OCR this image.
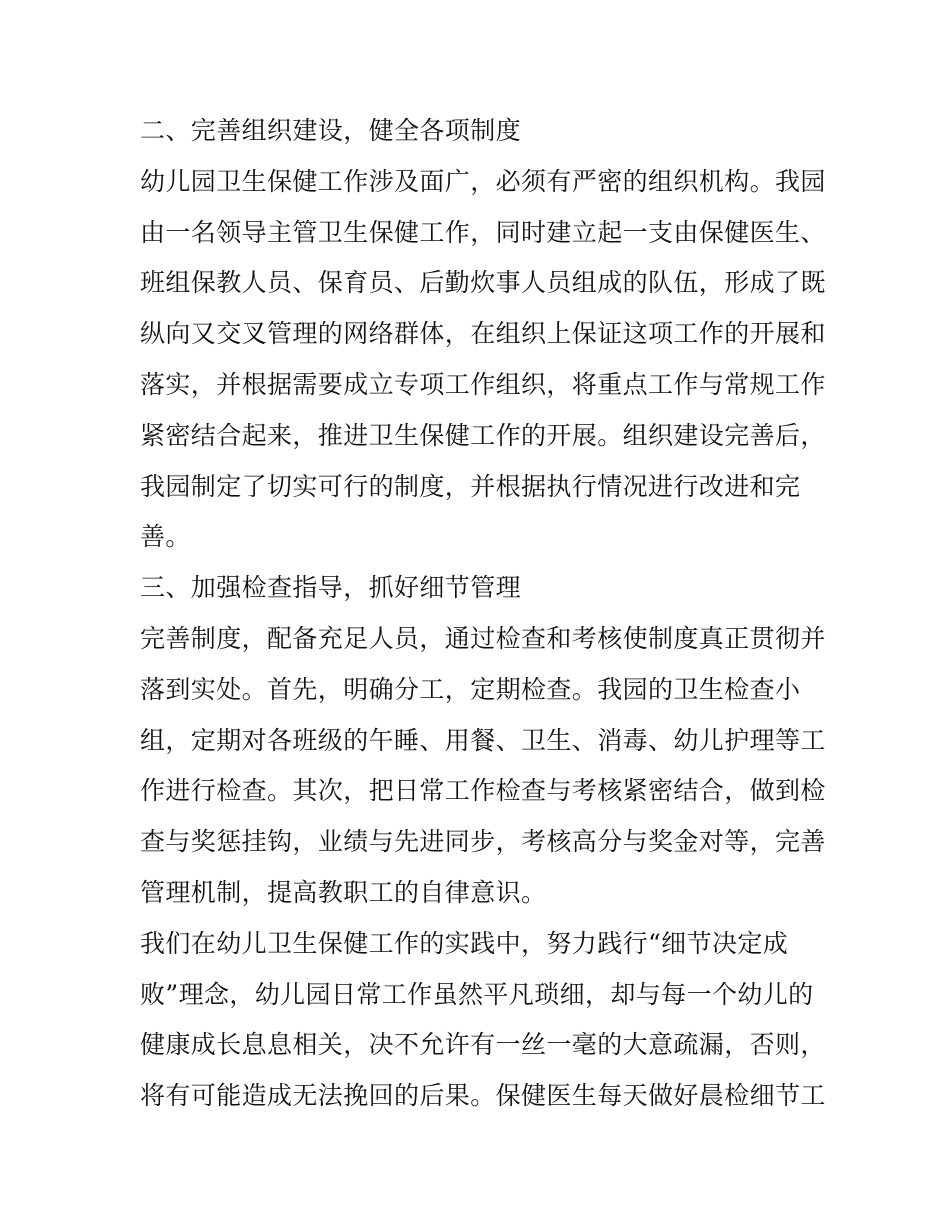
二、完善组织建设，健全各项制度
幼儿园卫生保健工作涉及面广，必须有严密的组织机构。我园
由一名领导主管卫生保健工作，同时建立起一支由保健医生、
班组保教人员、保育员、后勤炊事人员组成的队伍，形成了既
纵向又交叉管理的网络群体，在组织上保证这项工作的开展和
落实，并根据需要成立专项工作组织，将重点工作与常规工作
紧密结合起来，推进卫生保健工作的开展。组织建设完善后，
我园制定了切实可行的制度，并根据执行情况进行改进和完
善。
三、加强检查指导，抓好细节管理
完善制度，配备充足人员，通过检查和考核使制度真正贯彻并
落到实处。首先，明确分工，定期检查。我园的卫生检查小
组，定期对各班级的午睡、用餐、卫生、消毒、幼儿护理等工
作进行检查。其次，把日常工作检查与考核紧密结合，做到检
查与奖惩挂钩，业绩与先进同步，考核高分与奖金对等，完善
管理机制，提高教职工的自律意识。
我们在幼儿卫生保健工作的实践中，努力践行“细节决定成
败”理念，幼儿园日常工作虽然平凡琐细，却与每一个幼儿的
健康成长息息相关，决不允许有一丝一毫的大意疏漏，否则，
将有可能造成无法挽回的后果。保健医生每天做好晨检细节工
